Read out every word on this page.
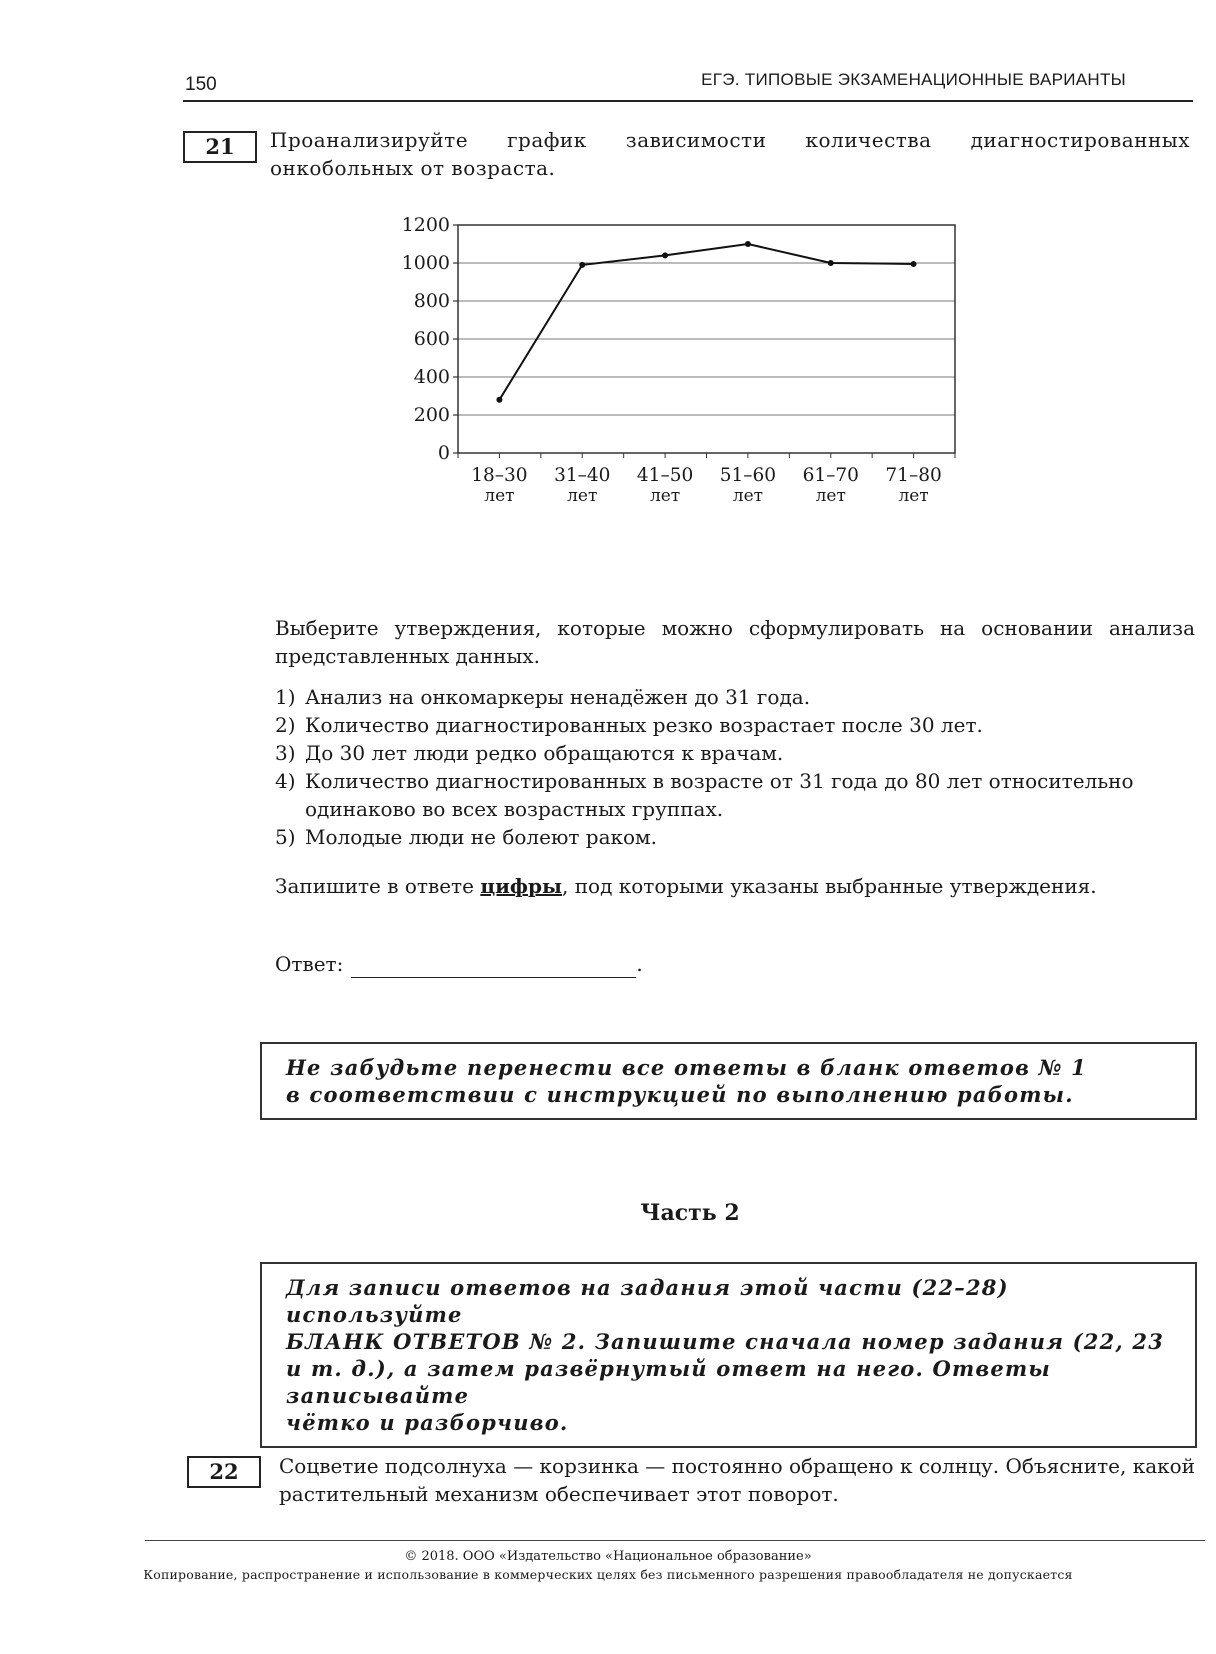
150	ЕГЭ. ТИПОВЫЕ ЭКЗАМЕНАЦИОННЫЕ ВАРИАНТЫ
21	Проанализируйте график зависимости количества диагностированных онкобольных от возраста.
0
200
400
600
800
1000
1200
18–30
лет
31–40
лет
41–50
лет
51–60
лет
61–70
лет
71–80
лет
Выберите утверждения, которые можно сформулировать на основании анализа представленных данных.
1) Анализ на онкомаркеры ненадёжен до 31 года.
2) Количество диагностированных резко возрастает после 30 лет.
3) До 30 лет люди редко обращаются к врачам.
4) Количество диагностированных в возрасте от 31 года до 80 лет относительно одинаково во всех возрастных группах.
5) Молодые люди не болеют раком.
Запишите в ответе цифры, под которыми указаны выбранные утверждения.
Ответ:	.
Не забудьте перенести все ответы в бланк ответов № 1
в соответствии с инструкцией по выполнению работы.
Часть 2
Для записи ответов на задания этой части (22–28) используйте
БЛАНК ОТВЕТОВ № 2. Запишите сначала номер задания (22, 23
и т. д.), а затем развёрнутый ответ на него. Ответы записывайте
чётко и разборчиво.
22	Соцветие подсолнуха — корзинка — постоянно обращено к солнцу. Объясните, какой растительный механизм обеспечивает этот поворот.
© 2018. ООО «Издательство «Национальное образование»
Копирование, распространение и использование в коммерческих целях без письменного разрешения правообладателя не допускается
